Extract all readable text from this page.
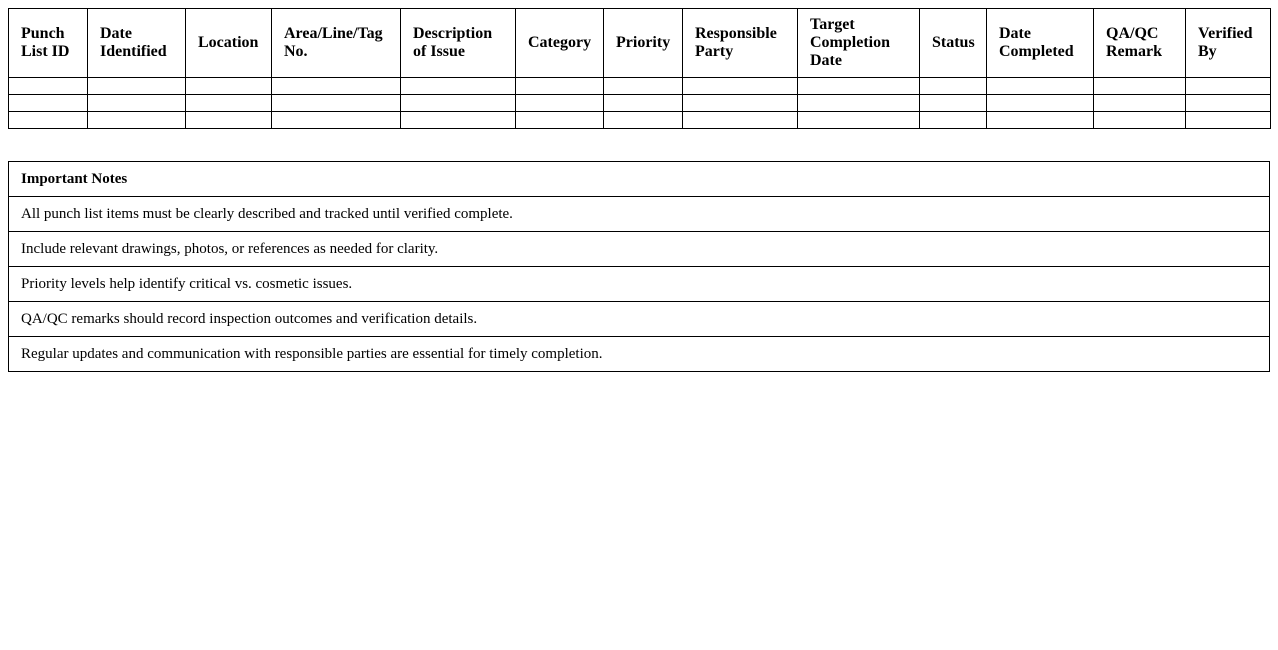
Punch List ID	Date Identified	Location	Area/Line/Tag No.	Description of Issue	Category	Priority	Responsible Party	Target Completion Date	Status	Date Completed	QA/QC Remark	Verified By

Important Notes
All punch list items must be clearly described and tracked until verified complete.
Include relevant drawings, photos, or references as needed for clarity.
Priority levels help identify critical vs. cosmetic issues.
QA/QC remarks should record inspection outcomes and verification details.
Regular updates and communication with responsible parties are essential for timely completion.
